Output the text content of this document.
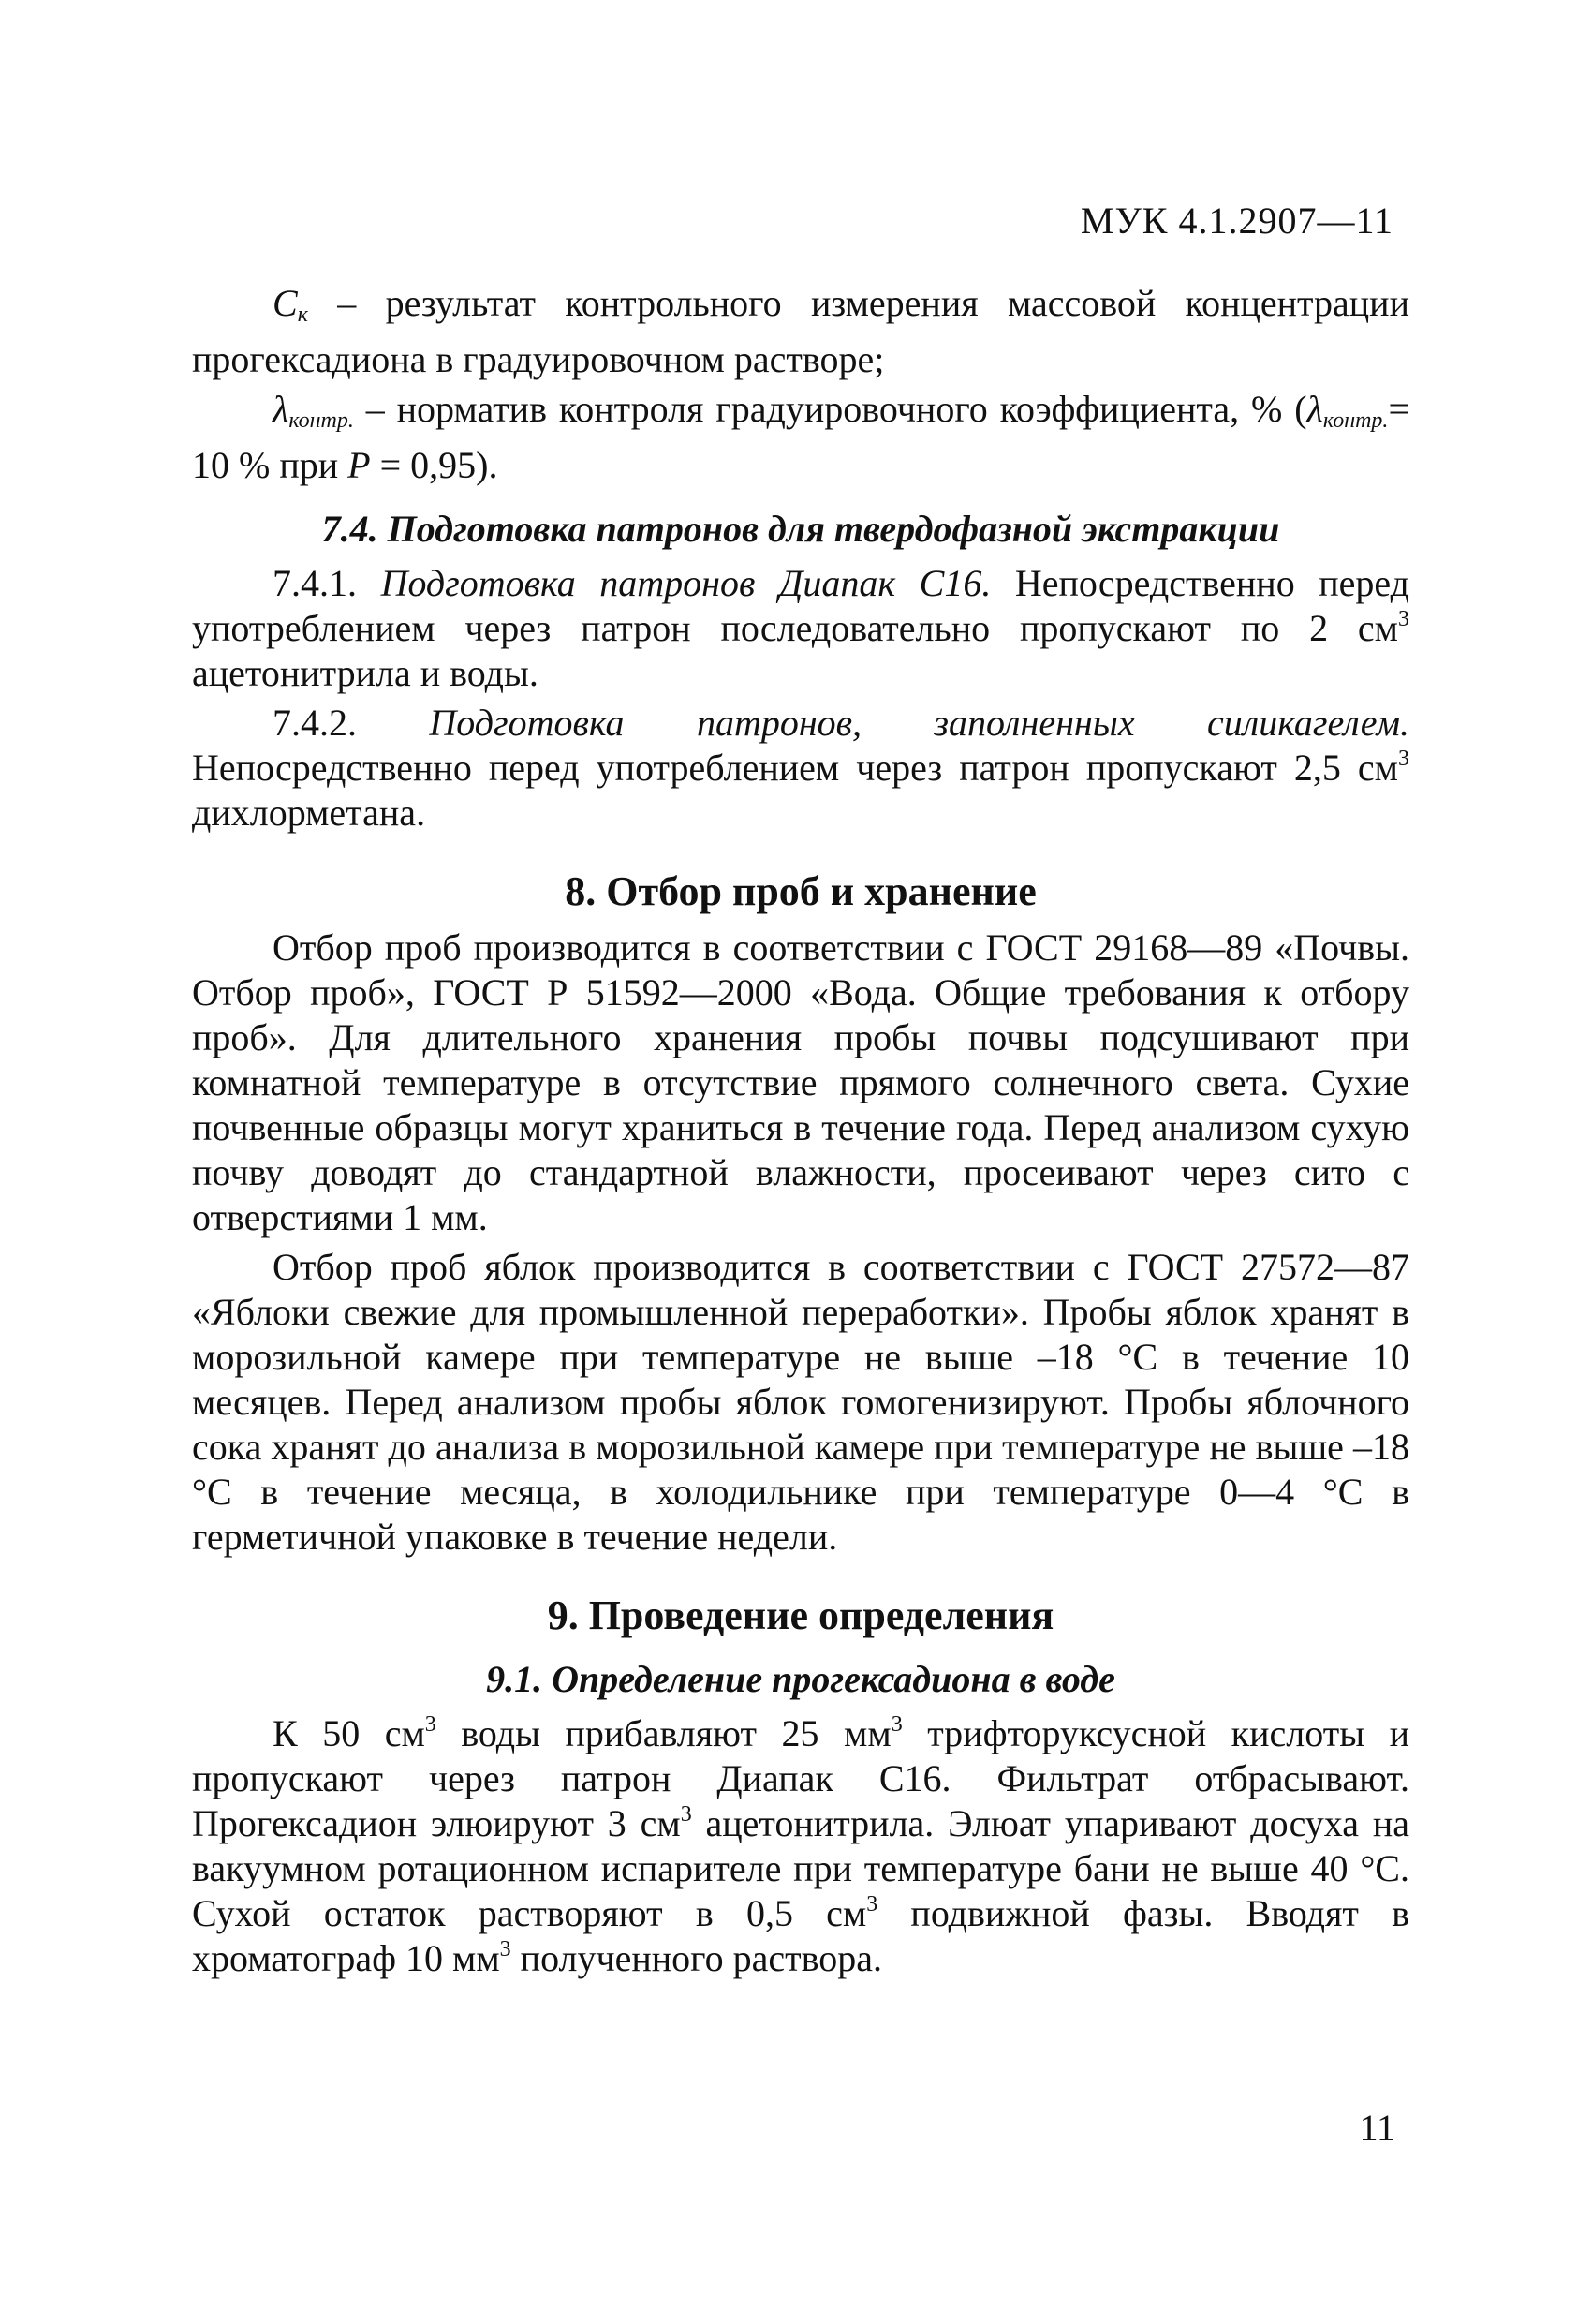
МУК 4.1.2907—11

$C_к$ – результат контрольного измерения массовой концентрации прогексадиона в градуировочном растворе;

$\lambda_{контр.}$ – норматив контроля градуировочного коэффициента, % ($\lambda_{контр.}= 10$ % при P = 0,95).

7.4. Подготовка патронов для твердофазной экстракции

7.4.1. Подготовка патронов Диапак С16. Непосредственно перед употреблением через патрон последовательно пропускают по 2 $см^3$ ацетонитрила и воды.

7.4.2. Подготовка патронов, заполненных силикагелем. Непосредственно перед употреблением через патрон пропускают 2,5 $см^3$ дихлорметана.

8. Отбор проб и хранение

Отбор проб производится в соответствии с ГОСТ 29168—89 «Почвы. Отбор проб», ГОСТ Р 51592—2000 «Вода. Общие требования к отбору проб». Для длительного хранения пробы почвы подсушивают при комнатной температуре в отсутствие прямого солнечного света. Сухие почвенные образцы могут храниться в течение года. Перед анализом сухую почву доводят до стандартной влажности, просеивают через сито с отверстиями 1 мм.

Отбор проб яблок производится в соответствии с ГОСТ 27572—87 «Яблоки свежие для промышленной переработки». Пробы яблок хранят в морозильной камере при температуре не выше –18 °С в течение 10 месяцев. Перед анализом пробы яблок гомогенизируют. Пробы яблочного сока хранят до анализа в морозильной камере при температуре не выше –18 °С в течение месяца, в холодильнике при температуре 0—4 °С в герметичной упаковке в течение недели.

9. Проведение определения
9.1. Определение прогексадиона в воде

К 50 $см^3$ воды прибавляют 25 $мм^3$ трифторуксусной кислоты и пропускают через патрон Диапак С16. Фильтрат отбрасывают. Прогексадион элюируют 3 $см^3$ ацетонитрила. Элюат упаривают досуха на вакуумном ротационном испарителе при температуре бани не выше 40 °С. Сухой остаток растворяют в 0,5 $см^3$ подвижной фазы. Вводят в хроматограф 10 $мм^3$ полученного раствора.

11
